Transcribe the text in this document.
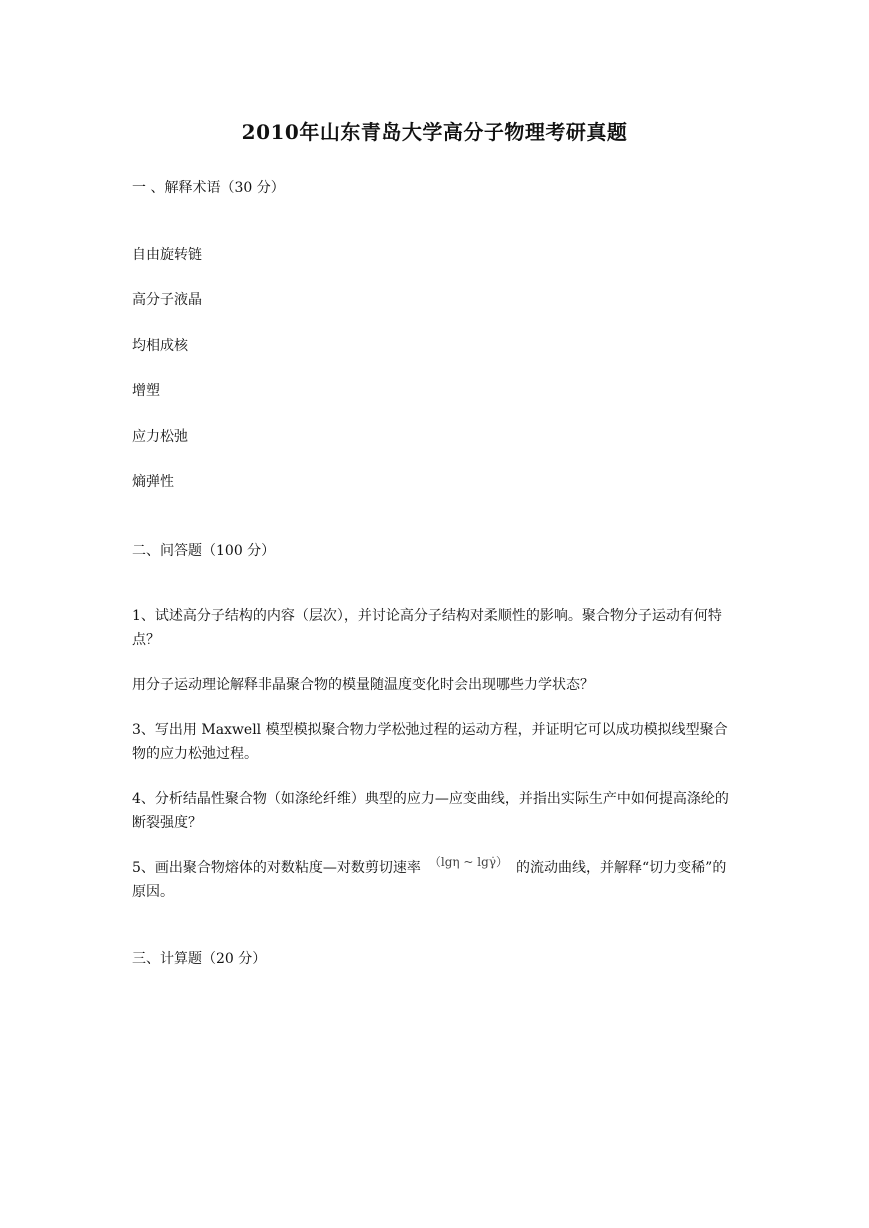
2010年山东青岛大学高分子物理考研真题
一 、解释术语（30 分）
自由旋转链
高分子液晶
均相成核
增塑
应力松弛
熵弹性
二、问答题（100 分）
1、试述高分子结构的内容（层次），并讨论高分子结构对柔顺性的影响。聚合物分子运动有何特点？
用分子运动理论解释非晶聚合物的模量随温度变化时会出现哪些力学状态？
3、写出用 Maxwell 模型模拟聚合物力学松弛过程的运动方程，并证明它可以成功模拟线型聚合物的应力松弛过程。
4、分析结晶性聚合物（如涤纶纤维）典型的应力—应变曲线，并指出实际生产中如何提高涤纶的断裂强度？
5、画出聚合物熔体的对数粘度—对数剪切速率 （lgη ~ lgγ̇） 的流动曲线，并解释“切力变稀”的原因。
三、计算题（20 分）
